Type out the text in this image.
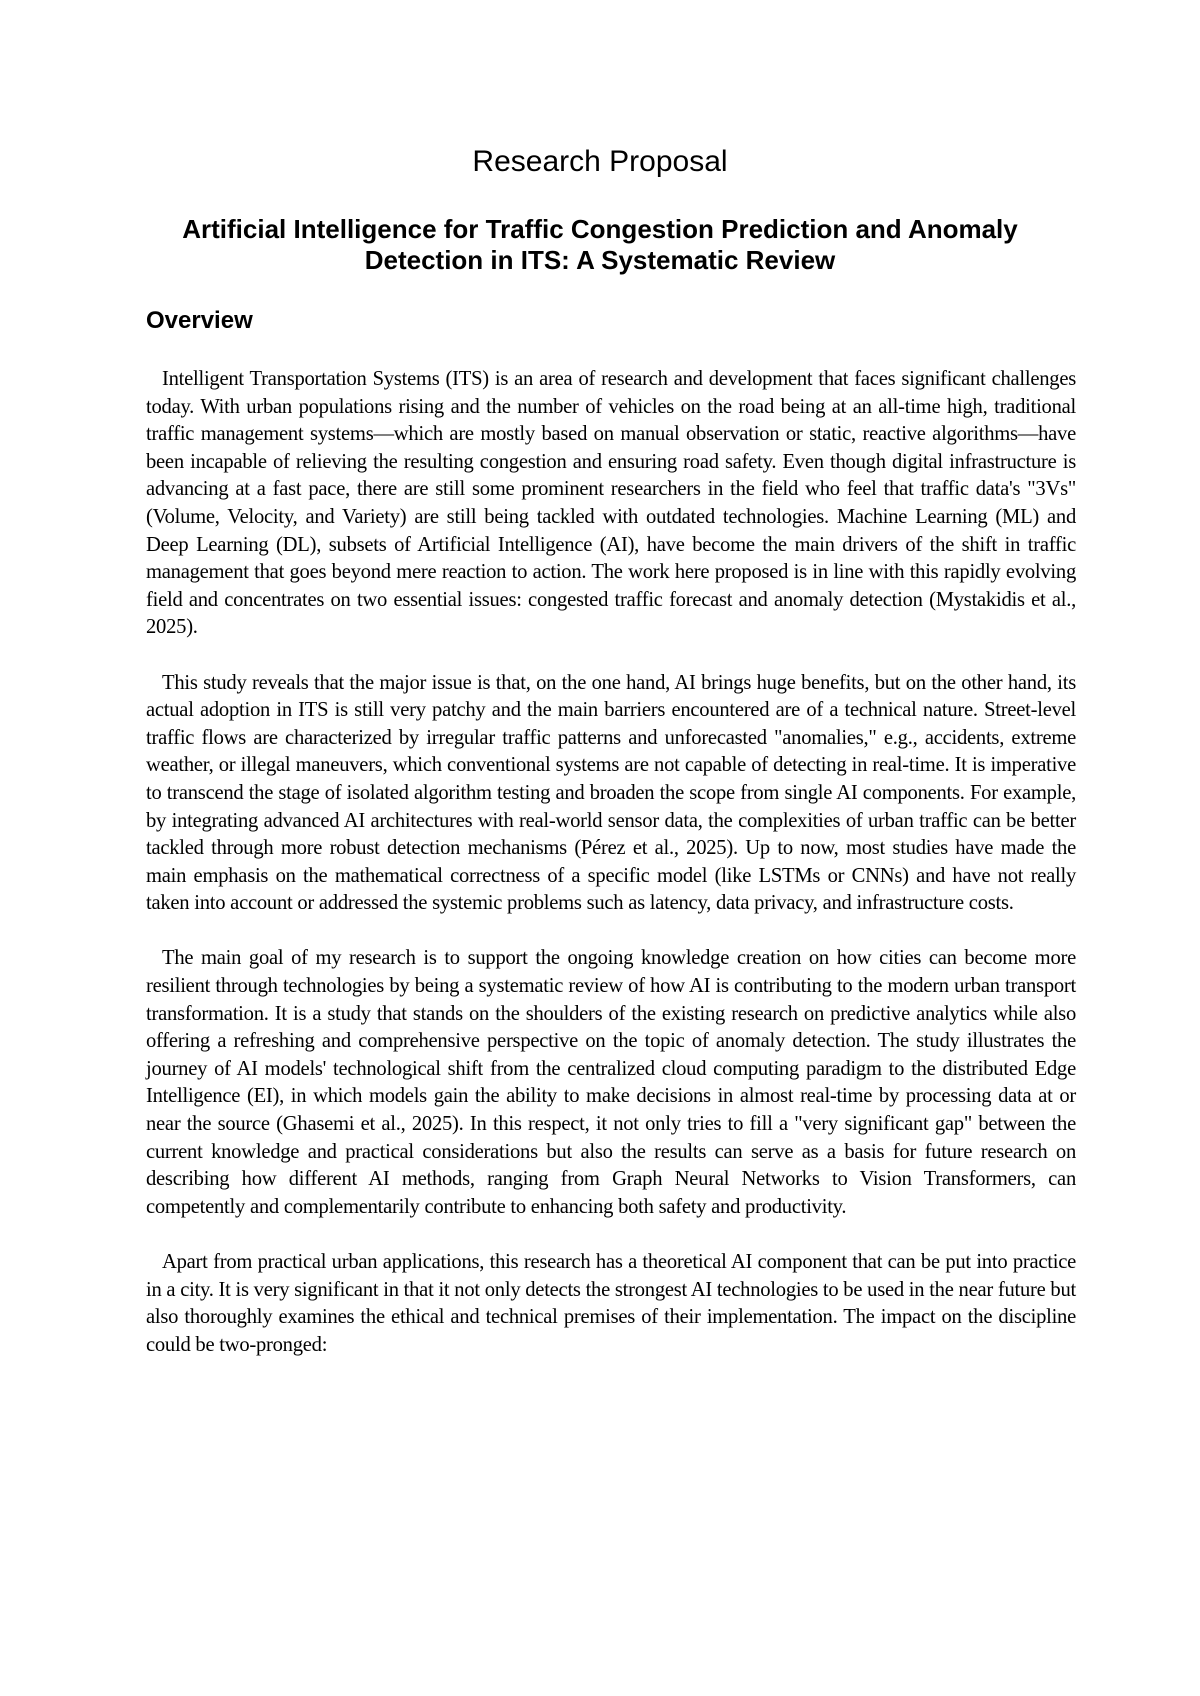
Research Proposal
Artificial Intelligence for Traffic Congestion Prediction and Anomaly Detection in ITS: A Systematic Review
Overview

Intelligent Transportation Systems (ITS) is an area of research and development that faces significant challenges today. With urban populations rising and the number of vehicles on the road being at an all-time high, traditional traffic management systems—which are mostly based on manual observation or static, reactive algorithms—have been incapable of relieving the resulting congestion and ensuring road safety. Even though digital infrastructure is advancing at a fast pace, there are still some prominent researchers in the field who feel that traffic data's "3Vs" (Volume, Velocity, and Variety) are still being tackled with outdated technologies. Machine Learning (ML) and Deep Learning (DL), subsets of Artificial Intelligence (AI), have become the main drivers of the shift in traffic management that goes beyond mere reaction to action. The work here proposed is in line with this rapidly evolving field and concentrates on two essential issues: congested traffic forecast and anomaly detection (Mystakidis et al., 2025).

This study reveals that the major issue is that, on the one hand, AI brings huge benefits, but on the other hand, its actual adoption in ITS is still very patchy and the main barriers encountered are of a technical nature. Street-level traffic flows are characterized by irregular traffic patterns and unforecasted "anomalies," e.g., accidents, extreme weather, or illegal maneuvers, which conventional systems are not capable of detecting in real-time. It is imperative to transcend the stage of isolated algorithm testing and broaden the scope from single AI components. For example, by integrating advanced AI architectures with real-world sensor data, the complexities of urban traffic can be better tackled through more robust detection mechanisms (Pérez et al., 2025). Up to now, most studies have made the main emphasis on the mathematical correctness of a specific model (like LSTMs or CNNs) and have not really taken into account or addressed the systemic problems such as latency, data privacy, and infrastructure costs.

The main goal of my research is to support the ongoing knowledge creation on how cities can become more resilient through technologies by being a systematic review of how AI is contributing to the modern urban transport transformation. It is a study that stands on the shoulders of the existing research on predictive analytics while also offering a refreshing and comprehensive perspective on the topic of anomaly detection. The study illustrates the journey of AI models' technological shift from the centralized cloud computing paradigm to the distributed Edge Intelligence (EI), in which models gain the ability to make decisions in almost real-time by processing data at or near the source (Ghasemi et al., 2025). In this respect, it not only tries to fill a "very significant gap" between the current knowledge and practical considerations but also the results can serve as a basis for future research on describing how different AI methods, ranging from Graph Neural Networks to Vision Transformers, can competently and complementarily contribute to enhancing both safety and productivity.

Apart from practical urban applications, this research has a theoretical AI component that can be put into practice in a city. It is very significant in that it not only detects the strongest AI technologies to be used in the near future but also thoroughly examines the ethical and technical premises of their implementation. The impact on the discipline could be two-pronged:
